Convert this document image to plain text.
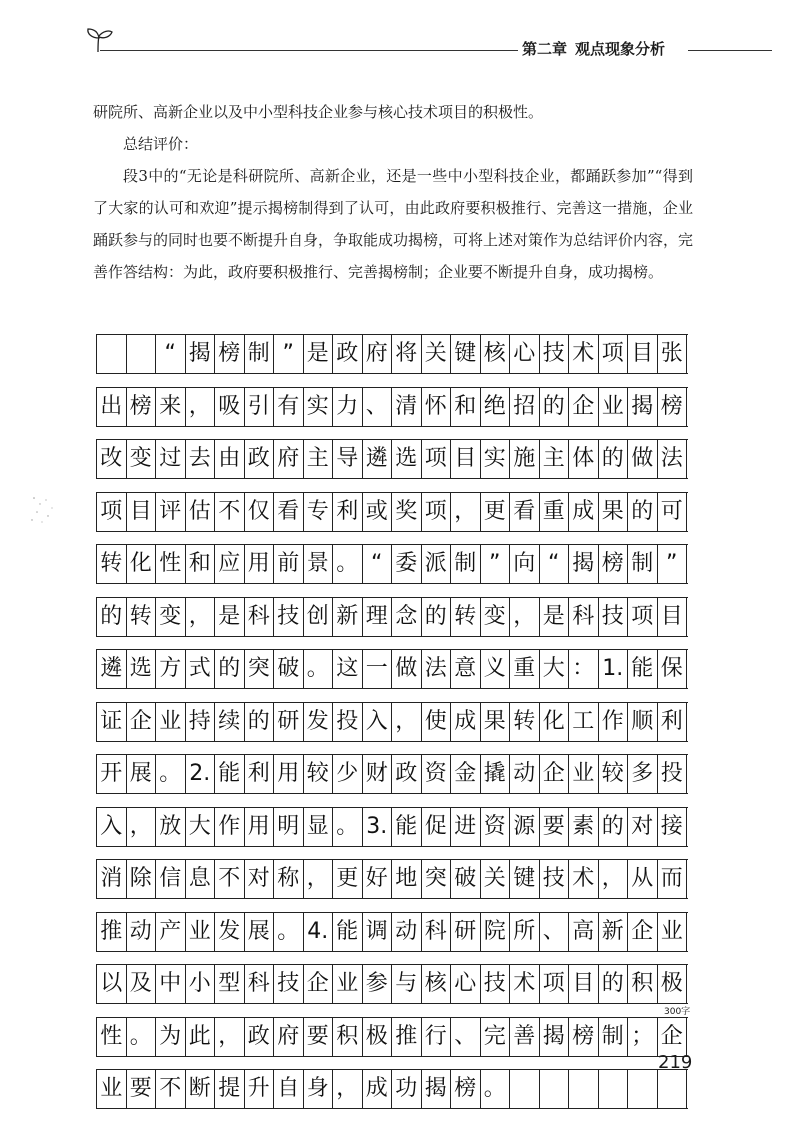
第二章 观点现象分析

研院所、高新企业以及中小型科技企业参与核心技术项目的积极性。

总结评价：

段3中的“无论是科研院所、高新企业，还是一些中小型科技企业，都踊跃参加”“得到了大家的认可和欢迎”提示揭榜制得到了认可，由此政府要积极推行、完善这一措施，企业踊跃参与的同时也要不断提升自身，争取能成功揭榜，可将上述对策作为总结评价内容，完善作答结构：为此，政府要积极推行、完善揭榜制；企业要不断提升自身，成功揭榜。

“ 揭 榜 制 ” 是 政 府 将 关 键 核 心 技 术 项 目 张
出 榜 来 ， 吸 引 有 实 力 、 清 怀 和 绝 招 的 企 业 揭 榜
改 变 过 去 由 政 府 主 导 遴 选 项 目 实 施 主 体 的 做 法
项 目 评 估 不 仅 看 专 利 或 奖 项 ， 更 看 重 成 果 的 可
转 化 性 和 应 用 前 景 。 “ 委 派 制 ” 向 “ 揭 榜 制 ”
的 转 变 ， 是 科 技 创 新 理 念 的 转 变 ， 是 科 技 项 目
遴 选 方 式 的 突 破 。 这 一 做 法 意 义 重 大 ： 1. 能 保
证 企 业 持 续 的 研 发 投 入 ， 使 成 果 转 化 工 作 顺 利
开 展 。 2. 能 利 用 较 少 财 政 资 金 撬 动 企 业 较 多 投
入 ， 放 大 作 用 明 显 。 3. 能 促 进 资 源 要 素 的 对 接
消 除 信 息 不 对 称 ， 更 好 地 突 破 关 键 技 术 ， 从 而
推 动 产 业 发 展 。 4. 能 调 动 科 研 院 所 、 高 新 企 业
以 及 中 小 型 科 技 企 业 参 与 核 心 技 术 项 目 的 积 极
性 。 为 此 ， 政 府 要 积 极 推 行 、 完 善 揭 榜 制 ； 企
业 要 不 断 提 升 自 身 ， 成 功 揭 榜 。
300字
219
